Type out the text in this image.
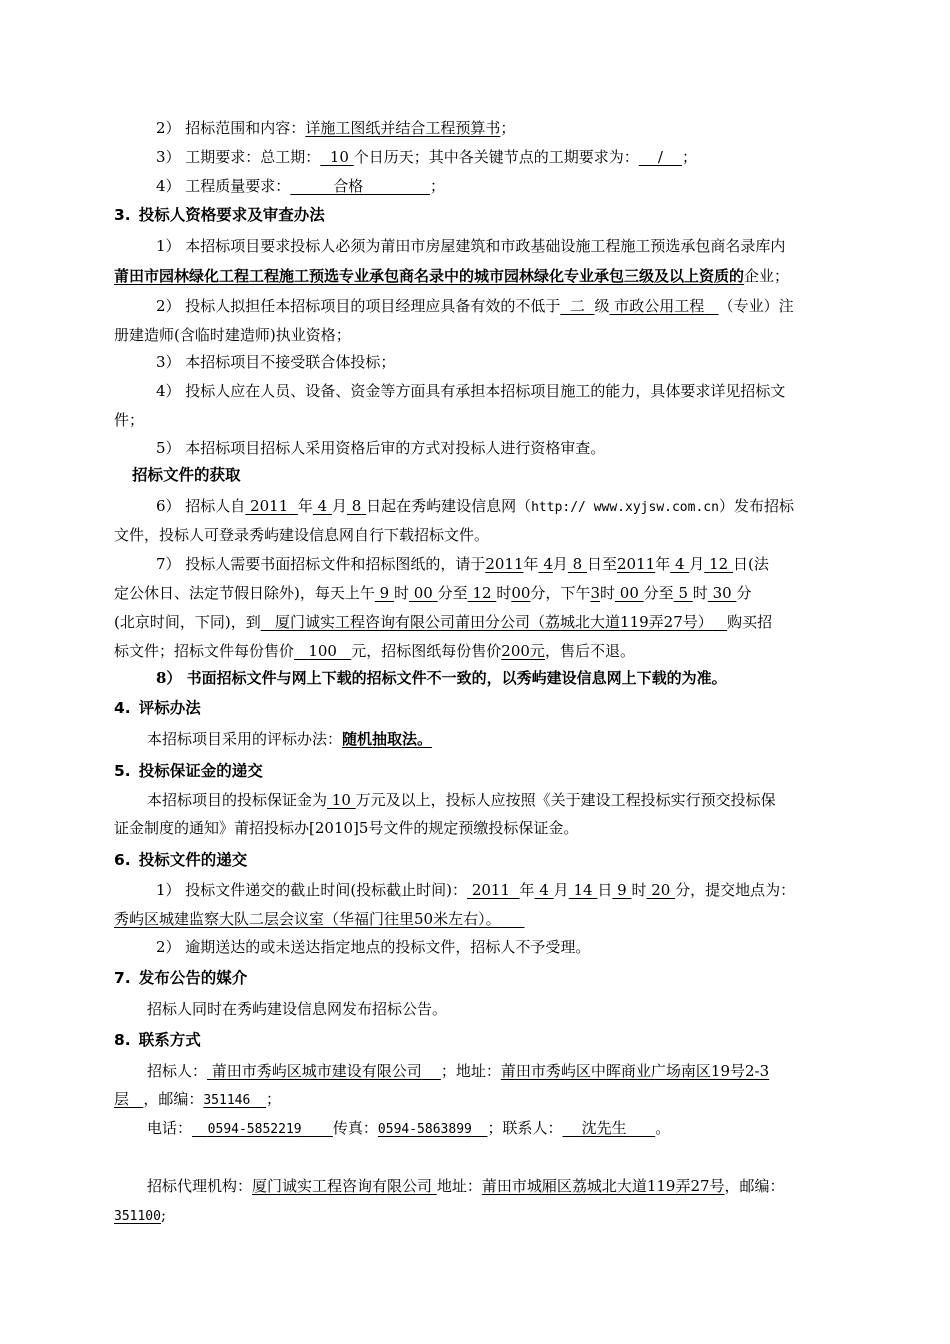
2） 招标范围和内容：详施工图纸并结合工程预算书；
3） 工期要求：总工期： 10 个日历天；其中各关键节点的工期要求为： / ；
4） 工程质量要求：	合格	；
3. 投标人资格要求及审查办法
1） 本招标项目要求投标人必须为莆田市房屋建筑和市政基础设施工程施工预选承包商名录库内
莆田市园林绿化工程工程施工预选专业承包商名录中的城市园林绿化专业承包三级及以上资质的企业；
2） 投标人拟担任本招标项目的项目经理应具备有效的不低于 二 级 市政公用工程 （专业）注
册建造师(含临时建造师)执业资格；
3） 本招标项目不接受联合体投标；
4） 投标人应在人员、设备、资金等方面具有承担本招标项目施工的能力，具体要求详见招标文
件；
5） 本招标项目招标人采用资格后审的方式对投标人进行资格审查。
招标文件的获取
6） 招标人自 2011 年 4 月 8 日起在秀屿建设信息网（http:// www.xyjsw.com.cn）发布招标
文件，投标人可登录秀屿建设信息网自行下载招标文件。
7） 投标人需要书面招标文件和招标图纸的，请于2011年 4月 8 日至2011年 4 月 12 日(法
定公休日、法定节假日除外)，每天上午 9 时 00 分至 12 时00分，下午3时 00 分至 5 时 30 分
(北京时间，下同)，到 厦门诚实工程咨询有限公司莆田分公司（荔城北大道119弄27号） 购买招
标文件；招标文件每份售价 100 元，招标图纸每份售价200元，售后不退。
8） 书面招标文件与网上下载的招标文件不一致的，以秀屿建设信息网上下载的为准。
4. 评标办法
本招标项目采用的评标办法：随机抽取法。
5. 投标保证金的递交
本招标项目的投标保证金为 10 万元及以上，投标人应按照《关于建设工程投标实行预交投标保
证金制度的通知》莆招投标办[2010]5号文件的规定预缴投标保证金。
6. 投标文件的递交
1） 投标文件递交的截止时间(投标截止时间)： 2011 年 4 月 14 日 9 时 20 分，提交地点为：
秀屿区城建监察大队二层会议室（华福门往里50米左右）。
2） 逾期送达的或未送达指定地点的投标文件，招标人不予受理。
7. 发布公告的媒介
招标人同时在秀屿建设信息网发布招标公告。
8. 联系方式
招标人： 莆田市秀屿区城市建设有限公司 ；地址：莆田市秀屿区中晖商业广场南区19号2-3
层 ，邮编：351146 ；
电话： 0594-5852219 传真：0594-5863899 ；联系人： 沈先生 。
招标代理机构：厦门诚实工程咨询有限公司 地址：莆田市城厢区荔城北大道119弄27号，邮编：
351100;
